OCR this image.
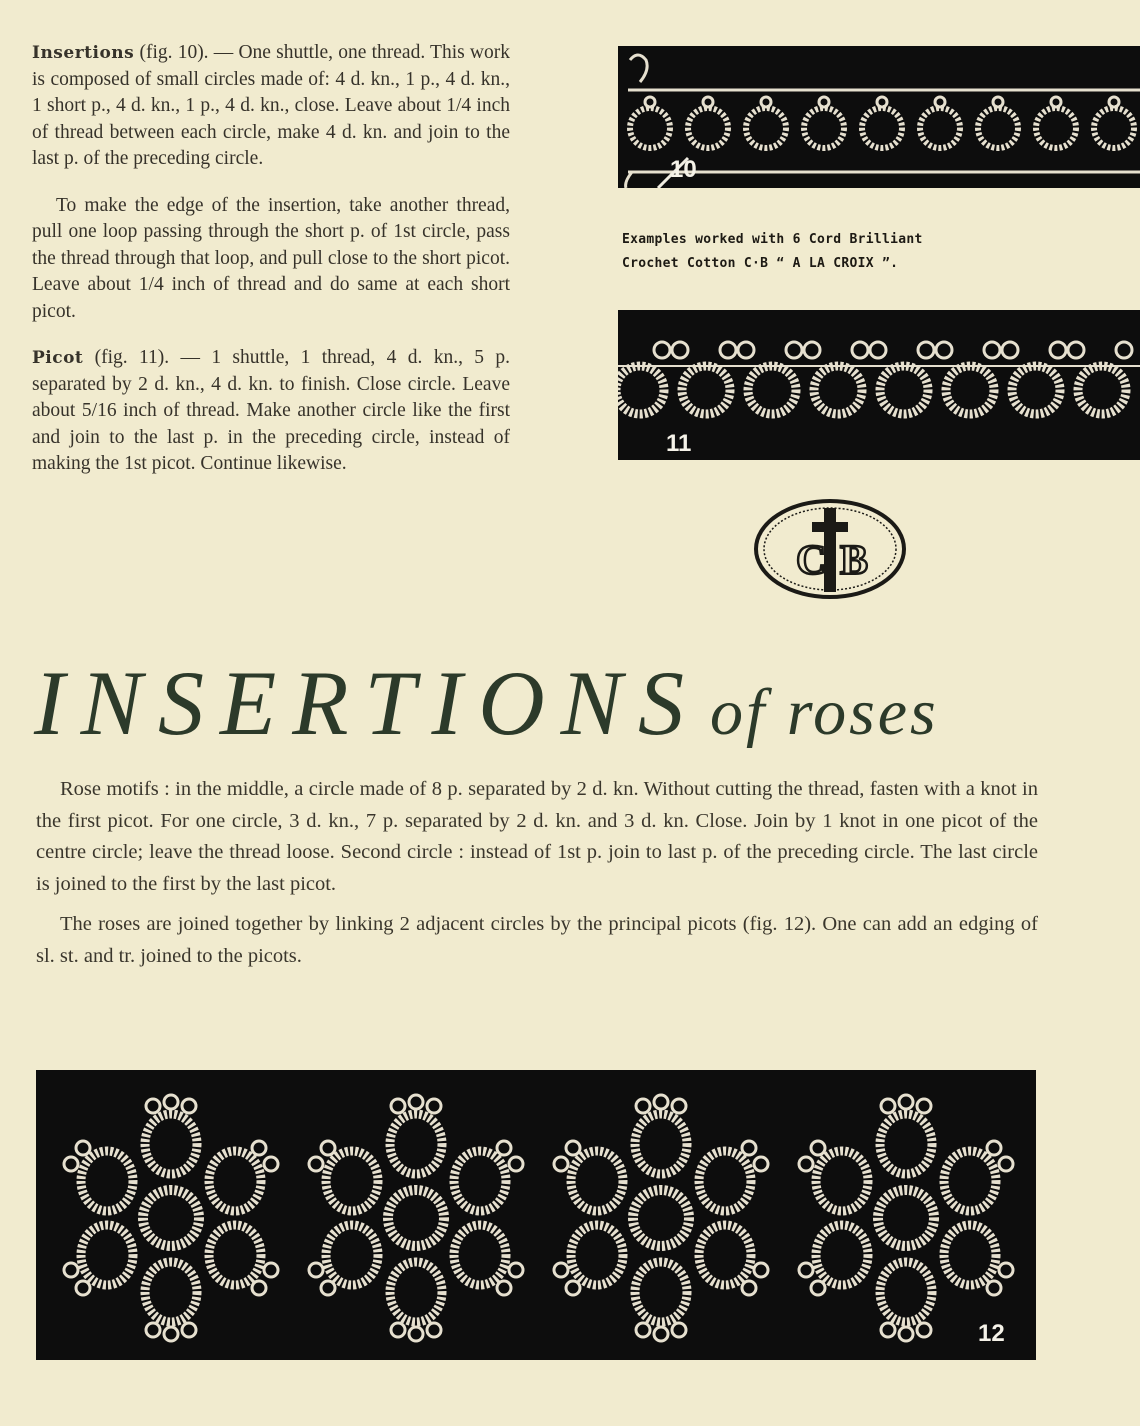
Insertions (fig. 10). — One shuttle, one thread. This work is composed of small circles made of: 4 d. kn., 1 p., 4 d. kn., 1 short p., 4 d. kn., 1 p., 4 d. kn., close. Leave about 1/4 inch of thread between each circle, make 4 d. kn. and join to the last p. of the preceding circle.

To make the edge of the insertion, take another thread, pull one loop passing through the short p. of 1st circle, pass the thread through that loop, and pull close to the short picot. Leave about 1/4 inch of thread and do same at each short picot.

Picot (fig. 11). — 1 shuttle, 1 thread, 4 d. kn., 5 p. separated by 2 d. kn., 4 d. kn. to finish. Close circle. Leave about 5/16 inch of thread. Make another circle like the first and join to the last p. in the preceding circle, instead of making the 1st picot. Continue likewise.

10
Examples worked with 6 Cord Brilliant
Crochet Cotton C·B “ A LA CROIX ”.
11
C B
INSERTIONS of roses

Rose motifs : in the middle, a circle made of 8 p. separated by 2 d. kn. Without cutting the thread, fasten with a knot in the first picot. For one circle, 3 d. kn., 7 p. separated by 2 d. kn. and 3 d. kn. Close. Join by 1 knot in one picot of the centre circle; leave the thread loose. Second circle : instead of 1st p. join to last p. of the preceding circle. The last circle is joined to the first by the last picot.

The roses are joined together by linking 2 adjacent circles by the principal picots (fig. 12). One can add an edging of sl. st. and tr. joined to the picots.

12
